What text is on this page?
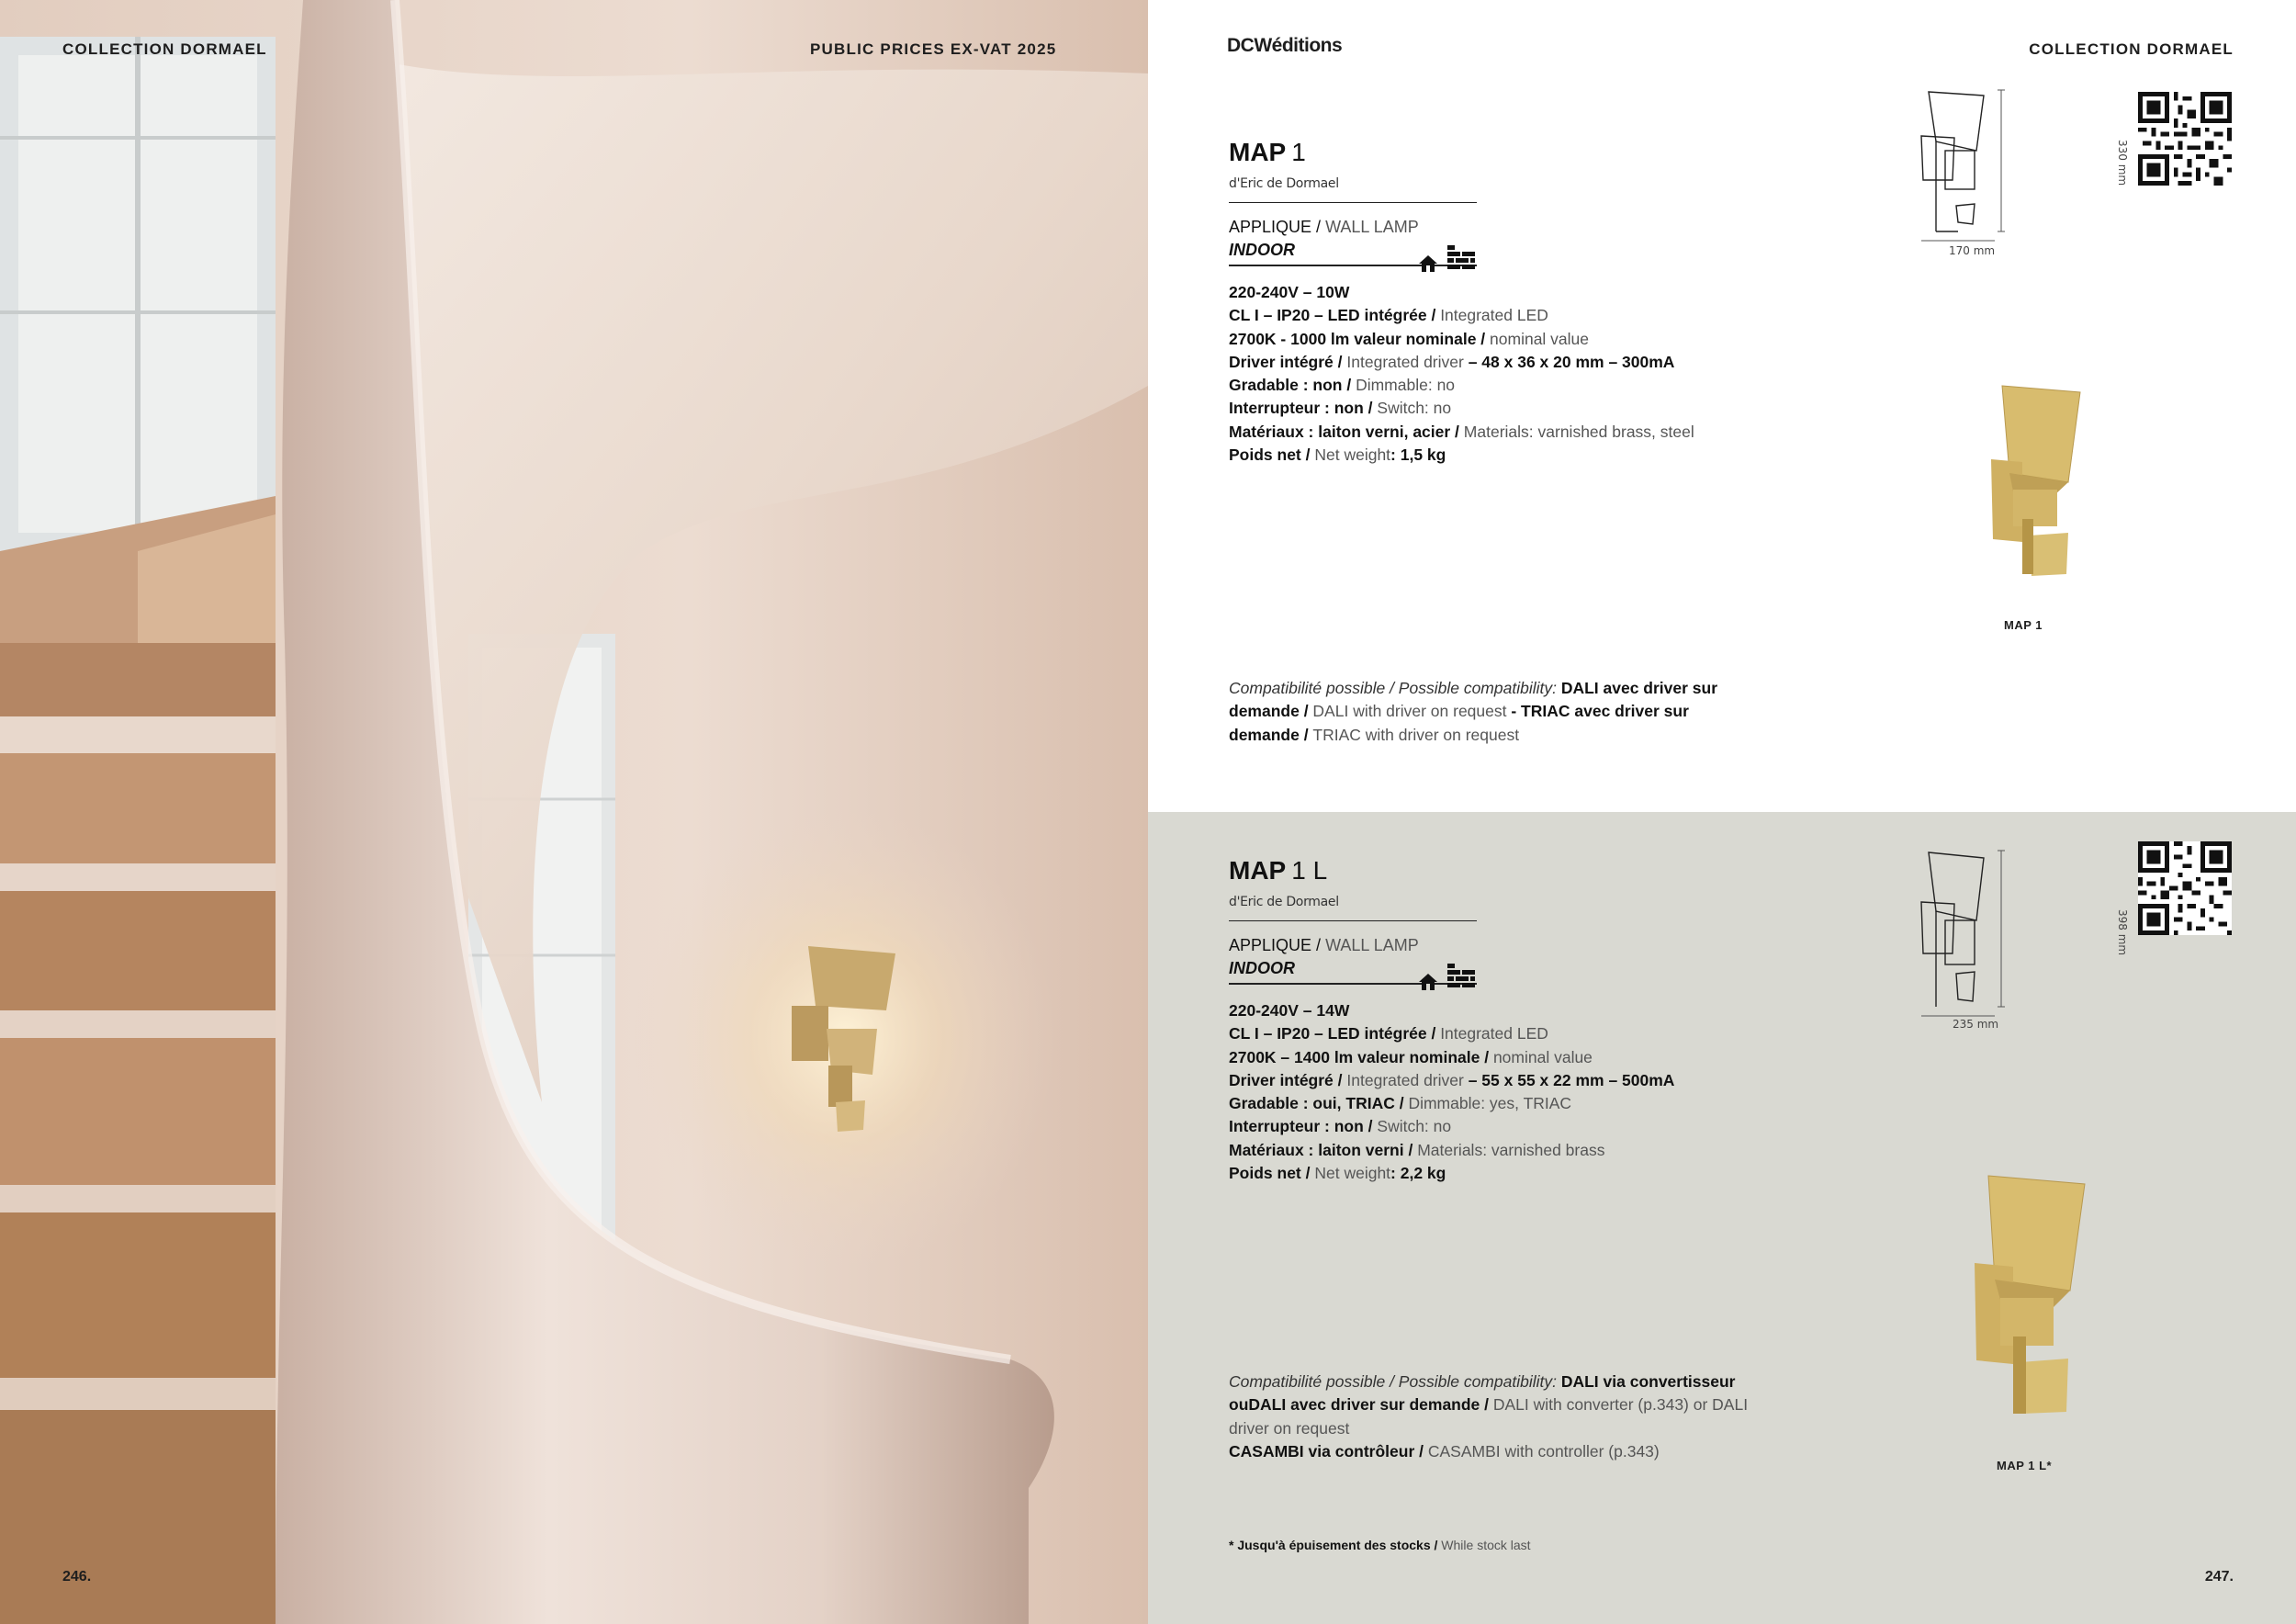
COLLECTION DORMAEL	PUBLIC PRICES EX-VAT 2025
246.
DCWéditions	COLLECTION DORMAEL
MAP 1
d'Eric de Dormael
APPLIQUE / WALL LAMP
INDOOR
220-240V – 10W
CL I – IP20 – LED intégrée / Integrated LED
2700K - 1000 lm valeur nominale / nominal value
Driver intégré / Integrated driver – 48 x 36 x 20 mm – 300mA
Gradable : non / Dimmable: no
Interrupteur : non / Switch: no
Matériaux : laiton verni, acier / Materials: varnished brass, steel
Poids net / Net weight: 1,5 kg
Compatibilité possible / Possible compatibility: DALI avec driver sur demande / DALI with driver on request - TRIAC avec driver sur demande / TRIAC with driver on request
330 mm
170 mm
MAP 1
MAP 1 L
d'Eric de Dormael
APPLIQUE / WALL LAMP
INDOOR
220-240V – 14W
CL I – IP20 – LED intégrée / Integrated LED
2700K – 1400 lm valeur nominale / nominal value
Driver intégré / Integrated driver – 55 x 55 x 22 mm – 500mA
Gradable : oui, TRIAC / Dimmable: yes, TRIAC
Interrupteur : non / Switch: no
Matériaux : laiton verni / Materials: varnished brass
Poids net / Net weight: 2,2 kg
Compatibilité possible / Possible compatibility: DALI via convertisseur ouDALI avec driver sur demande / DALI with converter (p.343) or DALI driver on request
CASAMBI via contrôleur / CASAMBI with controller (p.343)
398 mm
235 mm
MAP 1 L*
* Jusqu'à épuisement des stocks / While stock last
247.
